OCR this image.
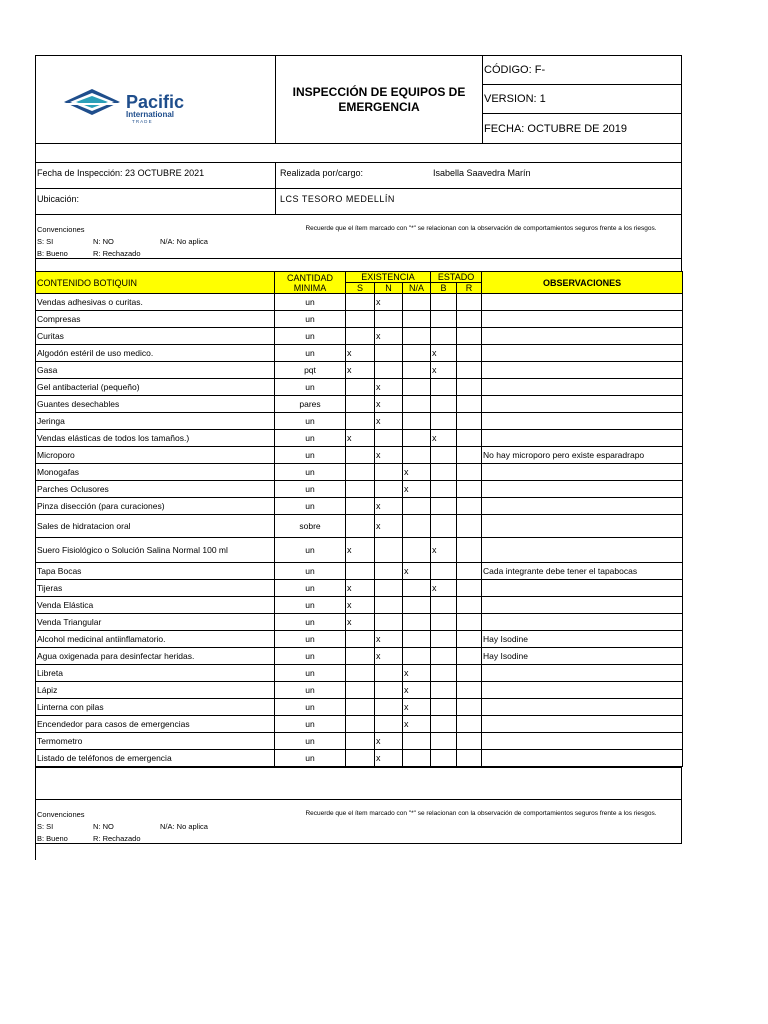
Pacific
International
T R A D E
INSPECCIÓN DE EQUIPOS DE EMERGENCIA
CÓDIGO: F-
VERSION: 1
FECHA: OCTUBRE DE 2019
Fecha de Inspección: 23 OCTUBRE 2021	Realizada por/cargo:	Isabella Saavedra Marín
Ubicación:	LCS TESORO MEDELLÍN
Convenciones
S: SI	N: NO	N/A: No aplica
B: Bueno	R: Rechazado
Recuerde que el ítem marcado con "*" se relacionan con la observación de comportamientos seguros frente a los riesgos.
CONTENIDO BOTIQUIN	CANTIDAD MINIMA	EXISTENCIA			ESTADO		OBSERVACIONES
		S	N	N/A	B	R	
Vendas adhesivas o curitas.	un		x				
Compresas	un						
Curitas	un		x				
Algodón estéril de uso medico.	un	x			x		
Gasa	pqt	x			x		
Gel antibacterial (pequeño)	un		x				
Guantes desechables	pares		x				
Jeringa	un		x				
Vendas elásticas de todos los tamaños.)	un	x			x		
Microporo	un		x				No hay microporo pero existe esparadrapo
Monogafas	un			x			
Parches Oclusores	un			x			
Pinza disección (para curaciones)	un		x				
Sales de hidratacion oral	sobre		x				
Suero Fisiológico o Solución Salina Normal 100 ml	un	x			x		
Tapa Bocas	un			x			Cada integrante debe tener el tapabocas
Tijeras	un	x			x		
Venda Elástica	un	x					
Venda Triangular	un	x					
Alcohol medicinal antiinflamatorio.	un		x				Hay Isodine
Agua oxigenada para desinfectar heridas.	un		x				Hay Isodine
Libreta	un			x			
Lápiz	un			x			
Linterna con pilas	un			x			
Encendedor para casos de emergencias	un			x			
Termometro	un		x				
Listado de teléfonos de emergencia	un		x				
Convenciones
S: SI	N: NO	N/A: No aplica
B: Bueno	R: Rechazado
Recuerde que el ítem marcado con "*" se relacionan con la observación de comportamientos seguros frente a los riesgos.
